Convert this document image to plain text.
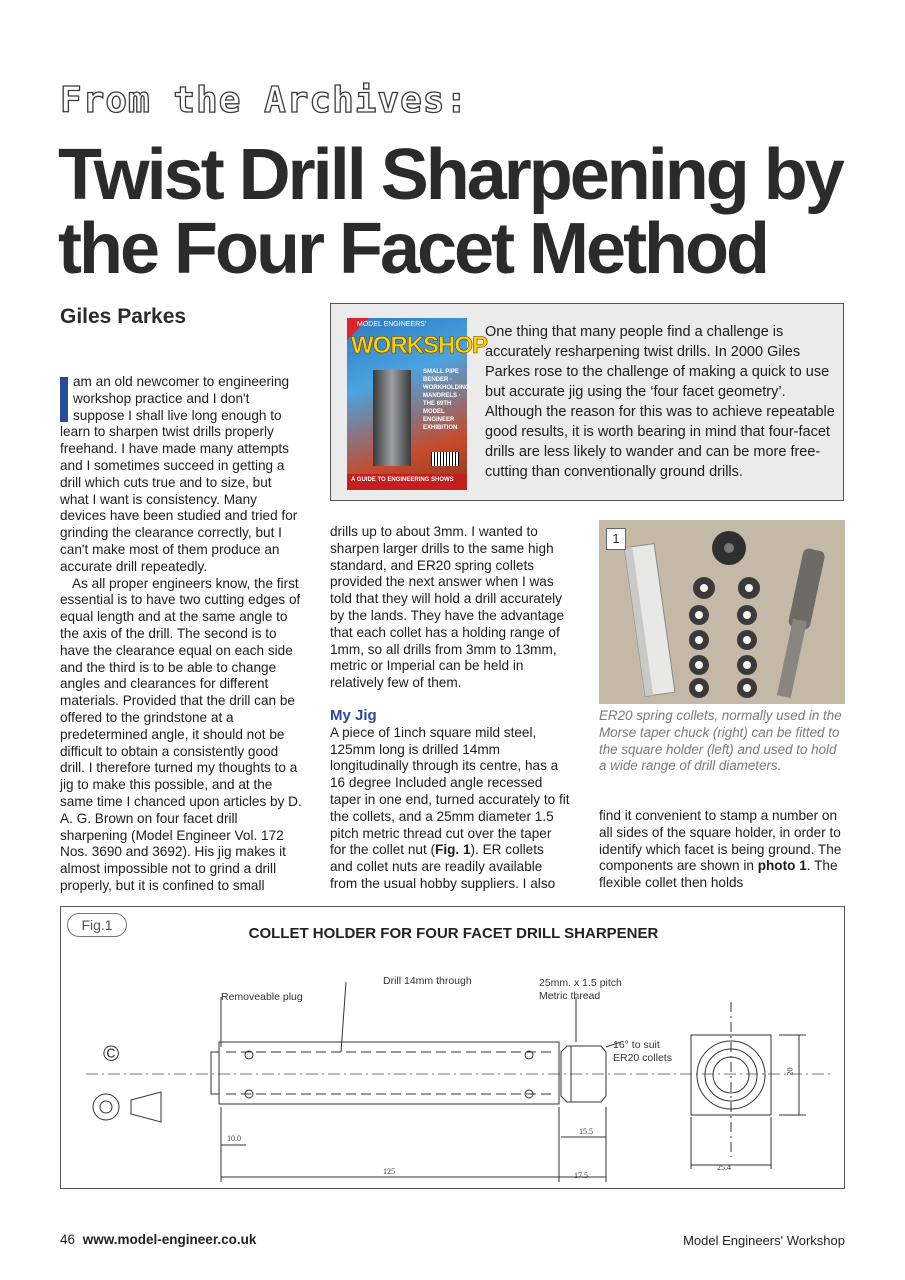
From the Archives:
Twist Drill Sharpening by the Four Facet Method
Giles Parkes	MODEL ENGINEERS'
WORKSHOP
SMALL PIPE BENDER · WORKHOLDING MANDRELS · THE 69TH MODEL ENGINEER EXHIBITION
A GUIDE TO ENGINEERING SHOWS

One thing that many people find a challenge is accurately resharpening twist drills. In 2000 Giles Parkes rose to the challenge of making a quick to use but accurate jig using the ‘four facet geometry’. Although the reason for this was to achieve repeatable good results, it is worth bearing in mind that four-facet drills are less likely to wander and can be more free-cutting than conventionally ground drills.

am an old newcomer to engineering workshop practice and I don't suppose I shall live long enough to learn to sharpen twist drills properly freehand. I have made many attempts and I sometimes succeed in getting a drill which cuts true and to size, but what I want is consistency. Many devices have been studied and tried for grinding the clearance correctly, but I can't make most of them produce an accurate drill repeatedly.

As all proper engineers know, the first essential is to have two cutting edges of equal length and at the same angle to the axis of the drill. The second is to have the clearance equal on each side and the third is to be able to change angles and clearances for different materials. Provided that the drill can be offered to the grindstone at a predetermined angle, it should not be difficult to obtain a consistently good drill. I therefore turned my thoughts to a jig to make this possible, and at the same time I chanced upon articles by D. A. G. Brown on four facet drill sharpening (Model Engineer Vol. 172 Nos. 3690 and 3692). His jig makes it almost impossible not to grind a drill properly, but it is confined to small

drills up to about 3mm. I wanted to sharpen larger drills to the same high standard, and ER20 spring collets provided the next answer when I was told that they will hold a drill accurately by the lands. They have the advantage that each collet has a holding range of 1mm, so all drills from 3mm to 13mm, metric or Imperial can be held in relatively few of them.

My Jig

A piece of 1inch square mild steel, 125mm long is drilled 14mm longitudinally through its centre, has a 16 degree Included angle recessed taper in one end, turned accurately to fit the collets, and a 25mm diameter 1.5 pitch metric thread cut over the taper for the collet nut (Fig. 1). ER collets and collet nuts are readily available from the usual hobby suppliers. I also

1

ER20 spring collets, normally used in the Morse taper chuck (right) can be fitted to the square holder (left) and used to hold a wide range of drill diameters.

find it convenient to stamp a number on all sides of the square holder, in order to identify which facet is being ground. The components are shown in photo 1. The flexible collet then holds

Fig.1	COLLET HOLDER FOR FOUR FACET DRILL SHARPENER
Removeable plug
Drill 14mm through	25mm. x 1.5 pitch
Metric thread
16° to suit
ER20 collets
©
10.0
15.5
125	17.5
25.4
20
46 www.model-engineer.co.uk	Model Engineers' Workshop
